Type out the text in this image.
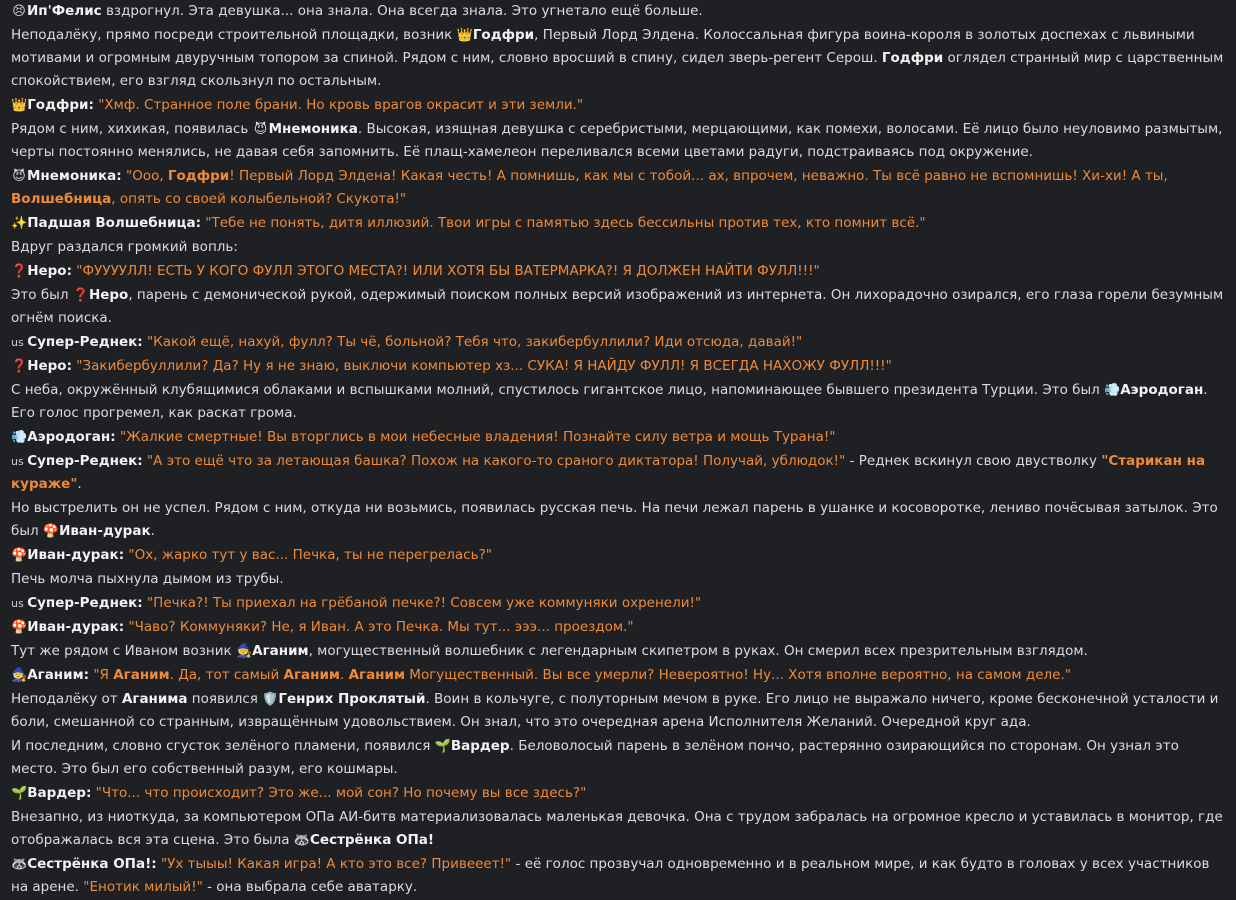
😣Ип'Фелис вздрогнул. Эта девушка... она знала. Она всегда знала. Это угнетало ещё больше.
Неподалёку, прямо посреди строительной площадки, возник 👑Годфри, Первый Лорд Элдена. Колоссальная фигура воина-короля в золотых доспехах с львиными мотивами и огромным двуручным топором за спиной. Рядом с ним, словно вросший в спину, сидел зверь-регент Серош. Годфри оглядел странный мир с царственным спокойствием, его взгляд скользнул по остальным.
👑Годфри: "Хмф. Странное поле брани. Но кровь врагов окрасит и эти земли."
Рядом с ним, хихикая, появилась 😈Мнемоника. Высокая, изящная девушка с серебристыми, мерцающими, как помехи, волосами. Её лицо было неуловимо размытым, черты постоянно менялись, не давая себя запомнить. Её плащ-хамелеон переливался всеми цветами радуги, подстраиваясь под окружение.
😈Мнемоника: "Ооо, Годфри! Первый Лорд Элдена! Какая честь! А помнишь, как мы с тобой... ах, впрочем, неважно. Ты всё равно не вспомнишь! Хи-хи! А ты, Волшебница, опять со своей колыбельной? Скукота!"
✨Падшая Волшебница: "Тебе не понять, дитя иллюзий. Твои игры с памятью здесь бессильны против тех, кто помнит всё."
Вдруг раздался громкий вопль:
❓Неро: "ФУУУУЛЛ! ЕСТЬ У КОГО ФУЛЛ ЭТОГО МЕСТА?! ИЛИ ХОТЯ БЫ ВАТЕРМАРКА?! Я ДОЛЖЕН НАЙТИ ФУЛЛ!!!"
Это был ❓Неро, парень с демонической рукой, одержимый поиском полных версий изображений из интернета. Он лихорадочно озирался, его глаза горели безумным огнём поиска.
us Супер-Реднек: "Какой ещё, нахуй, фулл? Ты чё, больной? Тебя что, закибербуллили? Иди отсюда, давай!"
❓Неро: "Закибербуллили? Да? Ну я не знаю, выключи компьютер хз... СУКА! Я НАЙДУ ФУЛЛ! Я ВСЕГДА НАХОЖУ ФУЛЛ!!!"
С неба, окружённый клубящимися облаками и вспышками молний, спустилось гигантское лицо, напоминающее бывшего президента Турции. Это был 💨Аэродоган. Его голос прогремел, как раскат грома.
💨Аэродоган: "Жалкие смертные! Вы вторглись в мои небесные владения! Познайте силу ветра и мощь Турана!"
us Супер-Реднек: "А это ещё что за летающая башка? Похож на какого-то сраного диктатора! Получай, ублюдок!" - Реднек вскинул свою двустволку "Старикан на кураже".
Но выстрелить он не успел. Рядом с ним, откуда ни возьмись, появилась русская печь. На печи лежал парень в ушанке и косоворотке, лениво почёсывая затылок. Это был 🍄Иван-дурак.
🍄Иван-дурак: "Ох, жарко тут у вас... Печка, ты не перегрелась?"
Печь молча пыхнула дымом из трубы.
us Супер-Реднек: "Печка?! Ты приехал на грёбаной печке?! Совсем уже коммуняки охренели!"
🍄Иван-дурак: "Чаво? Коммуняки? Не, я Иван. А это Печка. Мы тут... эээ... проездом."
Тут же рядом с Иваном возник 🧙Аганим, могущественный волшебник с легендарным скипетром в руках. Он смерил всех презрительным взглядом.
🧙Аганим: "Я Аганим. Да, тот самый Аганим. Аганим Могущественный. Вы все умерли? Невероятно! Ну... Хотя вполне вероятно, на самом деле."
Неподалёку от Аганима появился 🛡️Генрих Проклятый. Воин в кольчуге, с полуторным мечом в руке. Его лицо не выражало ничего, кроме бесконечной усталости и боли, смешанной со странным, извращённым удовольствием. Он знал, что это очередная арена Исполнителя Желаний. Очередной круг ада.
И последним, словно сгусток зелёного пламени, появился 🌱Вардер. Беловолосый парень в зелёном пончо, растерянно озирающийся по сторонам. Он узнал это место. Это был его собственный разум, его кошмары.
🌱Вардер: "Что... что происходит? Это же... мой сон? Но почему вы все здесь?"
Внезапно, из ниоткуда, за компьютером ОПа АИ-битв материализовалась маленькая девочка. Она с трудом забралась на огромное кресло и уставилась в монитор, где отображалась вся эта сцена. Это была 🦝Сестрёнка ОПа!
🦝Сестрёнка ОПа!: "Ух тыыы! Какая игра! А кто это все? Привееет!" - её голос прозвучал одновременно и в реальном мире, и как будто в головах у всех участников на арене. "Енотик милый!" - она выбрала себе аватарку.
